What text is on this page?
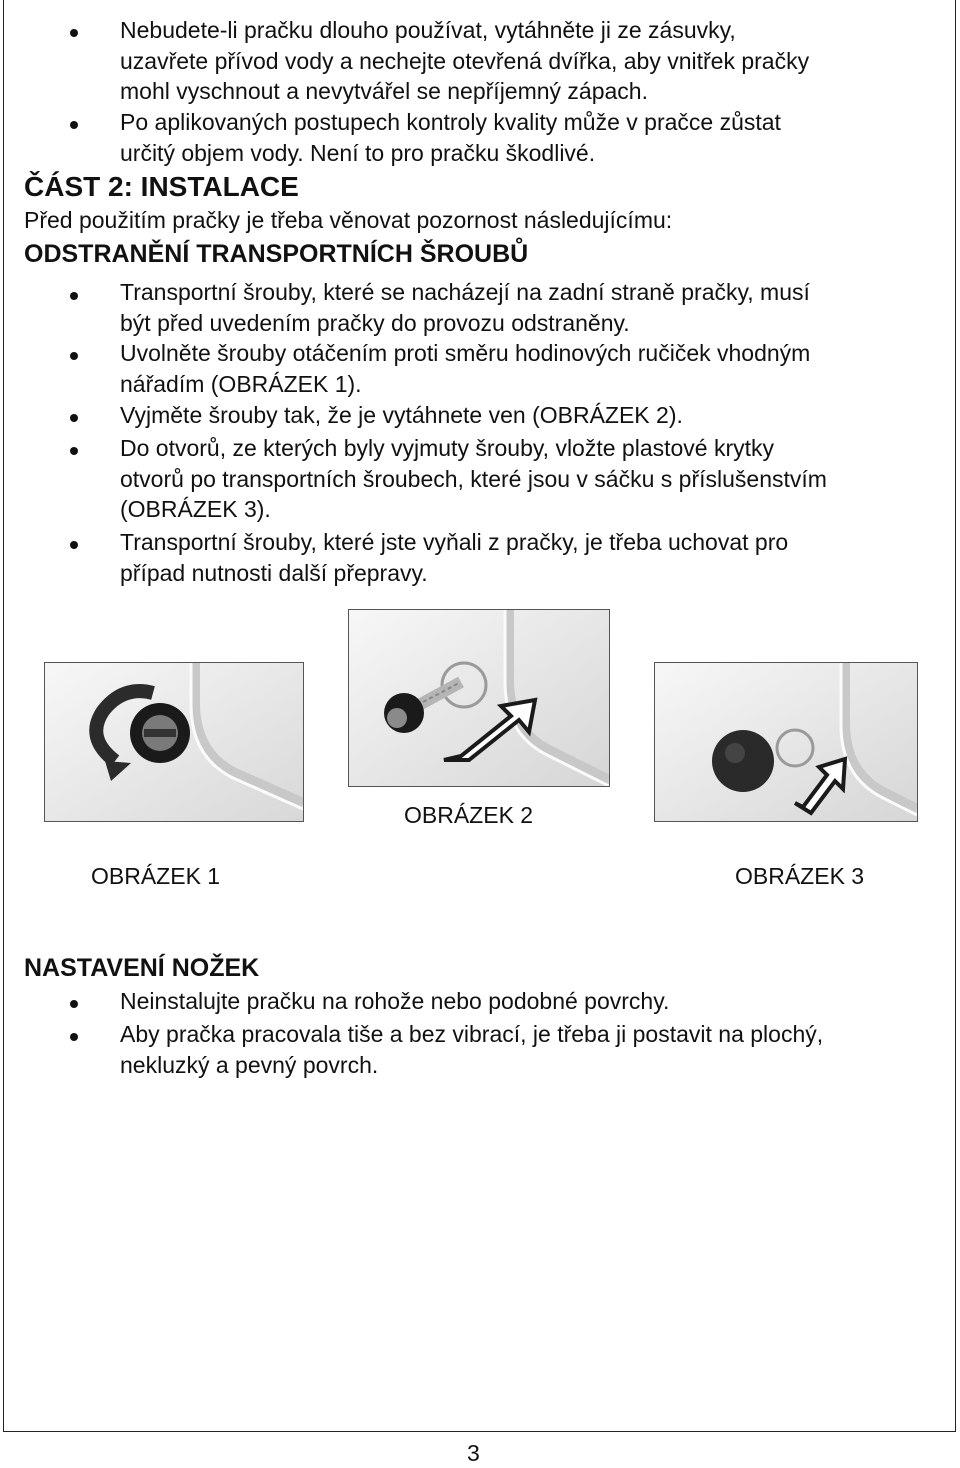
Nebudete-li pračku dlouho používat, vytáhněte ji ze zásuvky,
uzavřete přívod vody a nechejte otevřená dvířka, aby vnitřek pračky
mohl vyschnout a nevytvářel se nepříjemný zápach.
Po aplikovaných postupech kontroly kvality může v pračce zůstat
určitý objem vody. Není to pro pračku škodlivé.
ČÁST 2: INSTALACE
Před použitím pračky je třeba věnovat pozornost následujícímu:
ODSTRANĚNÍ TRANSPORTNÍCH ŠROUBŮ
Transportní šrouby, které se nacházejí na zadní straně pračky, musí
být před uvedením pračky do provozu odstraněny.
Uvolněte šrouby otáčením proti směru hodinových ručiček vhodným
nářadím (OBRÁZEK 1).
Vyjměte šrouby tak, že je vytáhnete ven (OBRÁZEK 2).
Do otvorů, ze kterých byly vyjmuty šrouby, vložte plastové krytky
otvorů po transportních šroubech, které jsou v sáčku s příslušenstvím
(OBRÁZEK 3).
Transportní šrouby, které jste vyňali z pračky, je třeba uchovat pro
případ nutnosti další přepravy.
OBRÁZEK 2
OBRÁZEK 1	OBRÁZEK 3
NASTAVENÍ NOŽEK
Neinstalujte pračku na rohože nebo podobné povrchy.
Aby pračka pracovala tiše a bez vibrací, je třeba ji postavit na plochý,
nekluzký a pevný povrch.
3
